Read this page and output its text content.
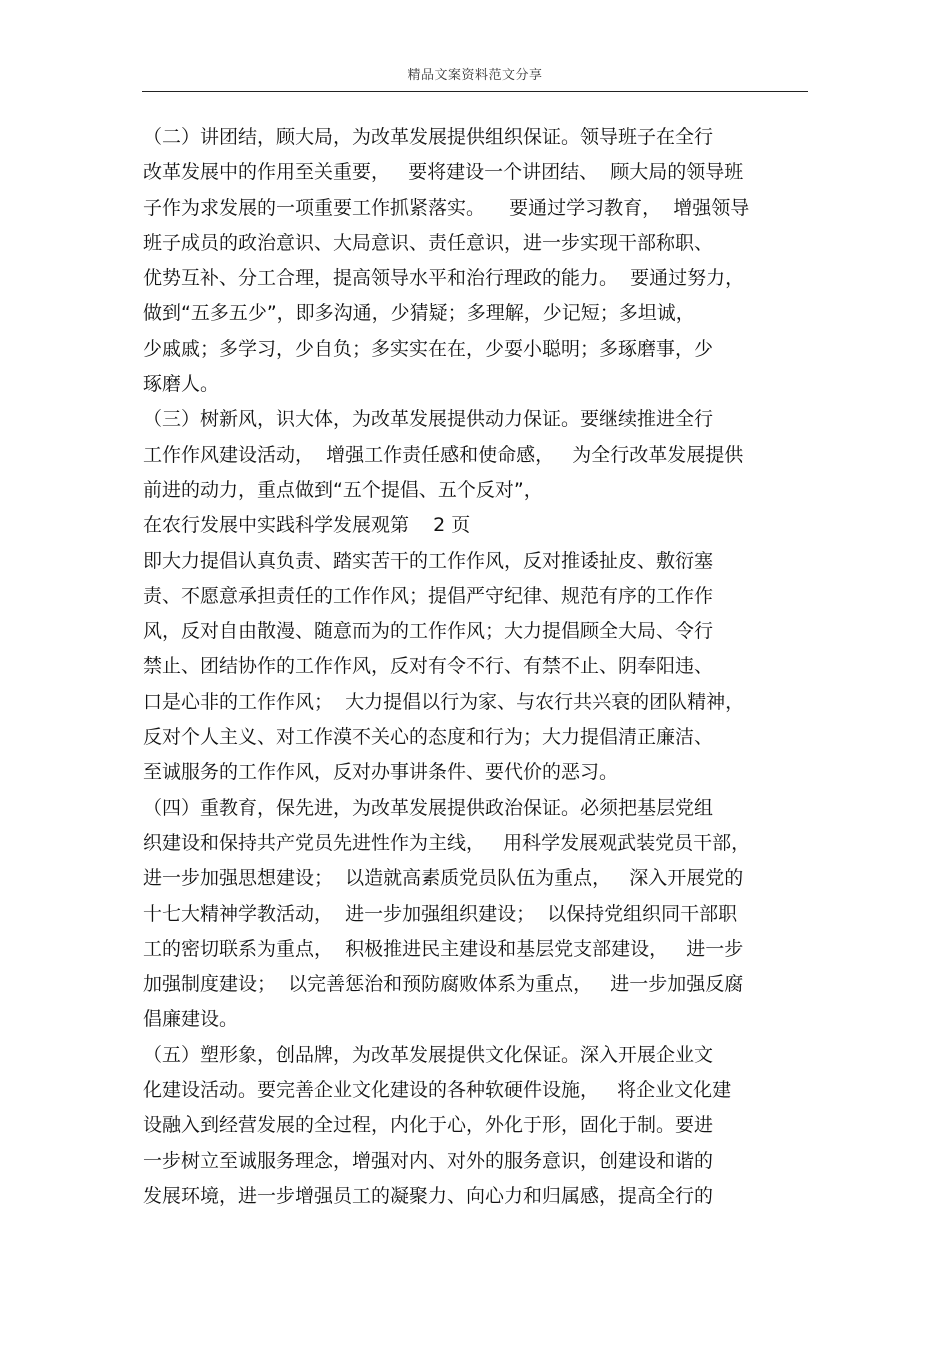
精品文案资料范文分享
（二）讲团结，顾大局，为改革发展提供组织保证。领导班子在全行
改革发展中的作用至关重要，   要将建设一个讲团结、  顾大局的领导班
子作为求发展的一项重要工作抓紧落实。    要通过学习教育，  增强领导
班子成员的政治意识、大局意识、责任意识，进一步实现干部称职、
优势互补、分工合理，提高领导水平和治行理政的能力。  要通过努力，
做到“五多五少”，即多沟通，少猜疑；多理解，少记短；多坦诚，
少戚戚；多学习，少自负；多实实在在，少耍小聪明；多琢磨事，少
琢磨人。
（三）树新风，识大体，为改革发展提供动力保证。要继续推进全行
工作作风建设活动，  增强工作责任感和使命感，   为全行改革发展提供
前进的动力，重点做到“五个提倡、五个反对”，
在农行发展中实践科学发展观第    2 页
即大力提倡认真负责、踏实苦干的工作作风，反对推诿扯皮、敷衍塞
责、不愿意承担责任的工作作风；提倡严守纪律、规范有序的工作作
风，反对自由散漫、随意而为的工作作风；大力提倡顾全大局、令行
禁止、团结协作的工作作风，反对有令不行、有禁不止、阴奉阳违、
口是心非的工作作风；  大力提倡以行为家、与农行共兴衰的团队精神，
反对个人主义、对工作漠不关心的态度和行为；大力提倡清正廉洁、
至诚服务的工作作风，反对办事讲条件、要代价的恶习。
（四）重教育，保先进，为改革发展提供政治保证。必须把基层党组
织建设和保持共产党员先进性作为主线，   用科学发展观武装党员干部，
进一步加强思想建设；  以造就高素质党员队伍为重点，   深入开展党的
十七大精神学教活动，  进一步加强组织建设；  以保持党组织同干部职
工的密切联系为重点，  积极推进民主建设和基层党支部建设，   进一步
加强制度建设；  以完善惩治和预防腐败体系为重点，   进一步加强反腐
倡廉建设。
（五）塑形象，创品牌，为改革发展提供文化保证。深入开展企业文
化建设活动。要完善企业文化建设的各种软硬件设施，   将企业文化建
设融入到经营发展的全过程，内化于心，外化于形，固化于制。要进
一步树立至诚服务理念，增强对内、对外的服务意识，创建设和谐的
发展环境，进一步增强员工的凝聚力、向心力和归属感，提高全行的
